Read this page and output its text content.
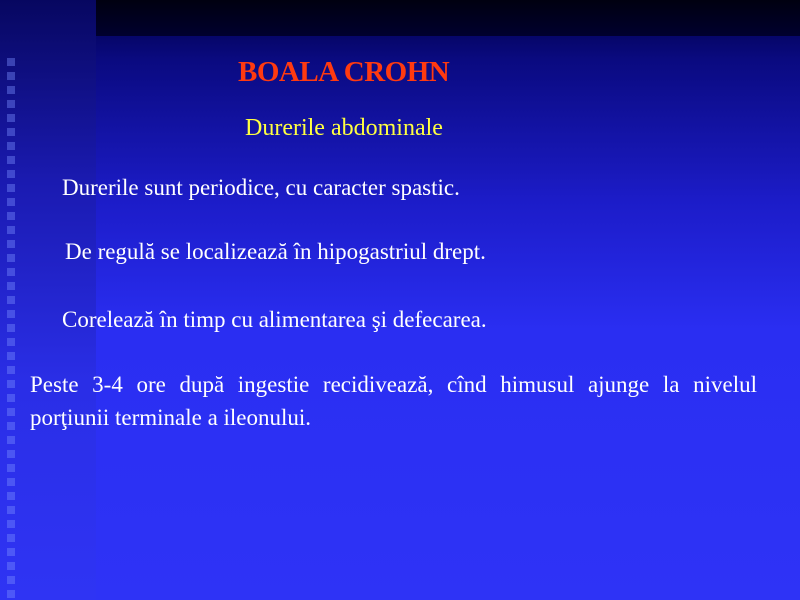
BOALA CROHN
Durerile abdominale
Durerile sunt periodice, cu caracter spastic.
De regulă se localizează în hipogastriul drept.
Corelează în timp cu alimentarea şi defecarea.
Peste 3-4 ore după ingestie recidivează, cînd himusul ajunge la nivelul porţiunii terminale a ileonului.
